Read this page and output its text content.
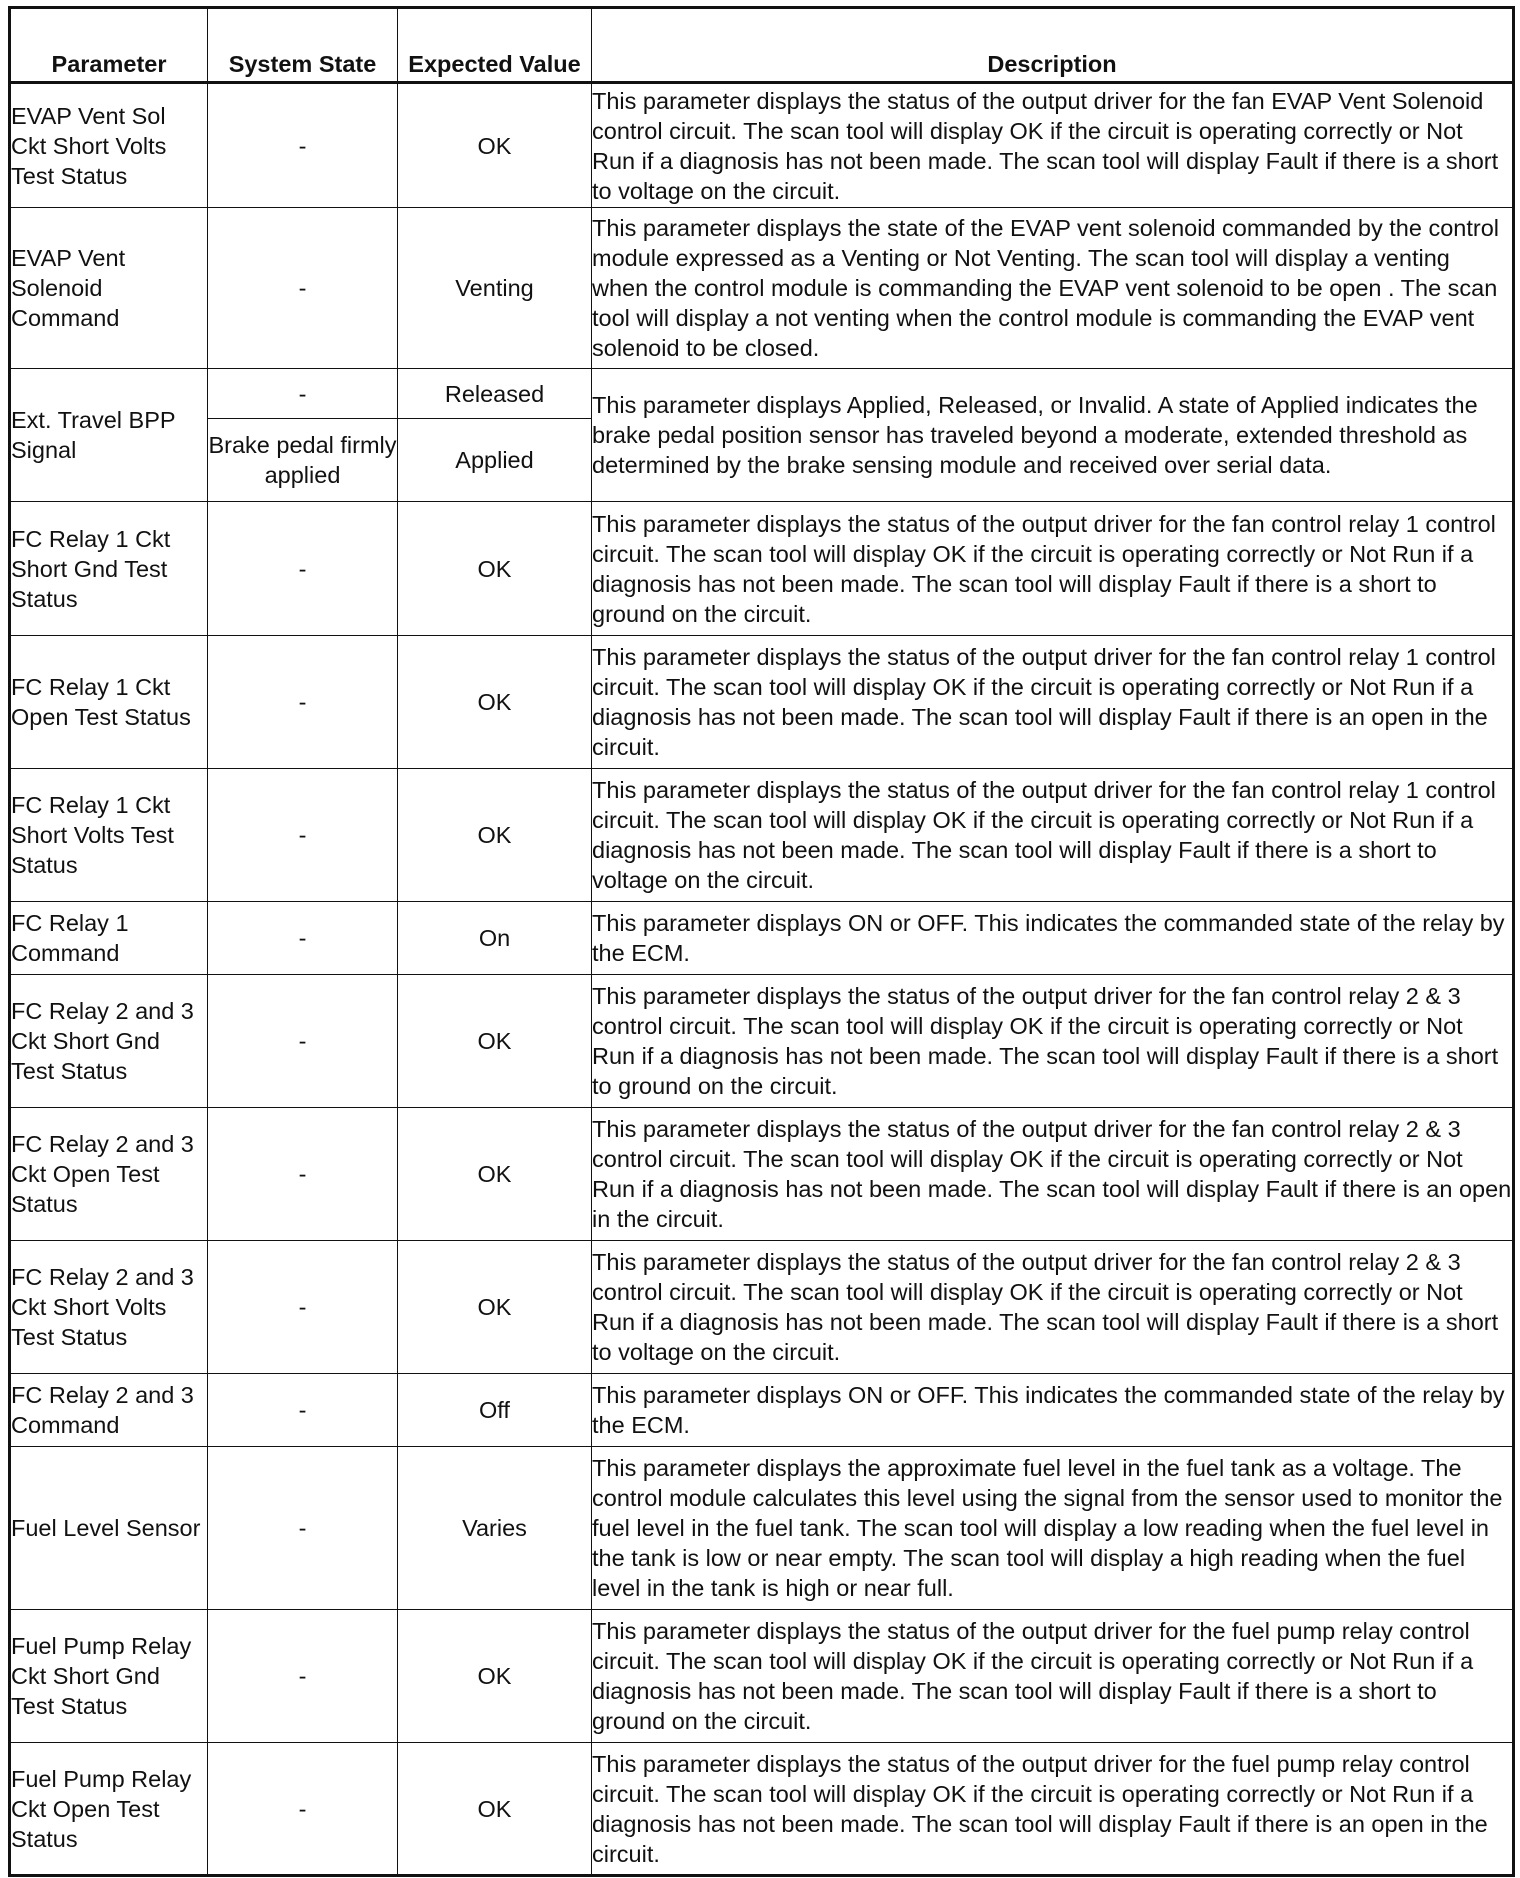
Parameter	System State	Expected Value	Description
EVAP Vent Sol Ckt Short Volts Test Status	-	OK	This parameter displays the status of the output driver for the fan EVAP Vent Solenoid control circuit. The scan tool will display OK if the circuit is operating correctly or Not Run if a diagnosis has not been made. The scan tool will display Fault if there is a short to voltage on the circuit.
EVAP Vent Solenoid Command	-	Venting	This parameter displays the state of the EVAP vent solenoid commanded by the control module expressed as a Venting or Not Venting. The scan tool will display a venting when the control module is commanding the EVAP vent solenoid to be open . The scan tool will display a not venting when the control module is commanding the EVAP vent solenoid to be closed.
Ext. Travel BPP Signal	-	Released	This parameter displays Applied, Released, or Invalid. A state of Applied indicates the brake pedal position sensor has traveled beyond a moderate, extended threshold as determined by the brake sensing module and received over serial data.
	Brake pedal firmly applied	Applied	
FC Relay 1 Ckt Short Gnd Test Status	-	OK	This parameter displays the status of the output driver for the fan control relay 1 control circuit. The scan tool will display OK if the circuit is operating correctly or Not Run if a diagnosis has not been made. The scan tool will display Fault if there is a short to ground on the circuit.
FC Relay 1 Ckt Open Test Status	-	OK	This parameter displays the status of the output driver for the fan control relay 1 control circuit. The scan tool will display OK if the circuit is operating correctly or Not Run if a diagnosis has not been made. The scan tool will display Fault if there is an open in the circuit.
FC Relay 1 Ckt Short Volts Test Status	-	OK	This parameter displays the status of the output driver for the fan control relay 1 control circuit. The scan tool will display OK if the circuit is operating correctly or Not Run if a diagnosis has not been made. The scan tool will display Fault if there is a short to voltage on the circuit.
FC Relay 1 Command	-	On	This parameter displays ON or OFF. This indicates the commanded state of the relay by the ECM.
FC Relay 2 and 3 Ckt Short Gnd Test Status	-	OK	This parameter displays the status of the output driver for the fan control relay 2 & 3 control circuit. The scan tool will display OK if the circuit is operating correctly or Not Run if a diagnosis has not been made. The scan tool will display Fault if there is a short to ground on the circuit.
FC Relay 2 and 3 Ckt Open Test Status	-	OK	This parameter displays the status of the output driver for the fan control relay 2 & 3 control circuit. The scan tool will display OK if the circuit is operating correctly or Not Run if a diagnosis has not been made. The scan tool will display Fault if there is an open in the circuit.
FC Relay 2 and 3 Ckt Short Volts Test Status	-	OK	This parameter displays the status of the output driver for the fan control relay 2 & 3 control circuit. The scan tool will display OK if the circuit is operating correctly or Not Run if a diagnosis has not been made. The scan tool will display Fault if there is a short to voltage on the circuit.
FC Relay 2 and 3 Command	-	Off	This parameter displays ON or OFF. This indicates the commanded state of the relay by the ECM.
Fuel Level Sensor	-	Varies	This parameter displays the approximate fuel level in the fuel tank as a voltage. The control module calculates this level using the signal from the sensor used to monitor the fuel level in the fuel tank. The scan tool will display a low reading when the fuel level in the tank is low or near empty. The scan tool will display a high reading when the fuel level in the tank is high or near full.
Fuel Pump Relay Ckt Short Gnd Test Status	-	OK	This parameter displays the status of the output driver for the fuel pump relay control circuit. The scan tool will display OK if the circuit is operating correctly or Not Run if a diagnosis has not been made. The scan tool will display Fault if there is a short to ground on the circuit.
Fuel Pump Relay Ckt Open Test Status	-	OK	This parameter displays the status of the output driver for the fuel pump relay control circuit. The scan tool will display OK if the circuit is operating correctly or Not Run if a diagnosis has not been made. The scan tool will display Fault if there is an open in the circuit.
